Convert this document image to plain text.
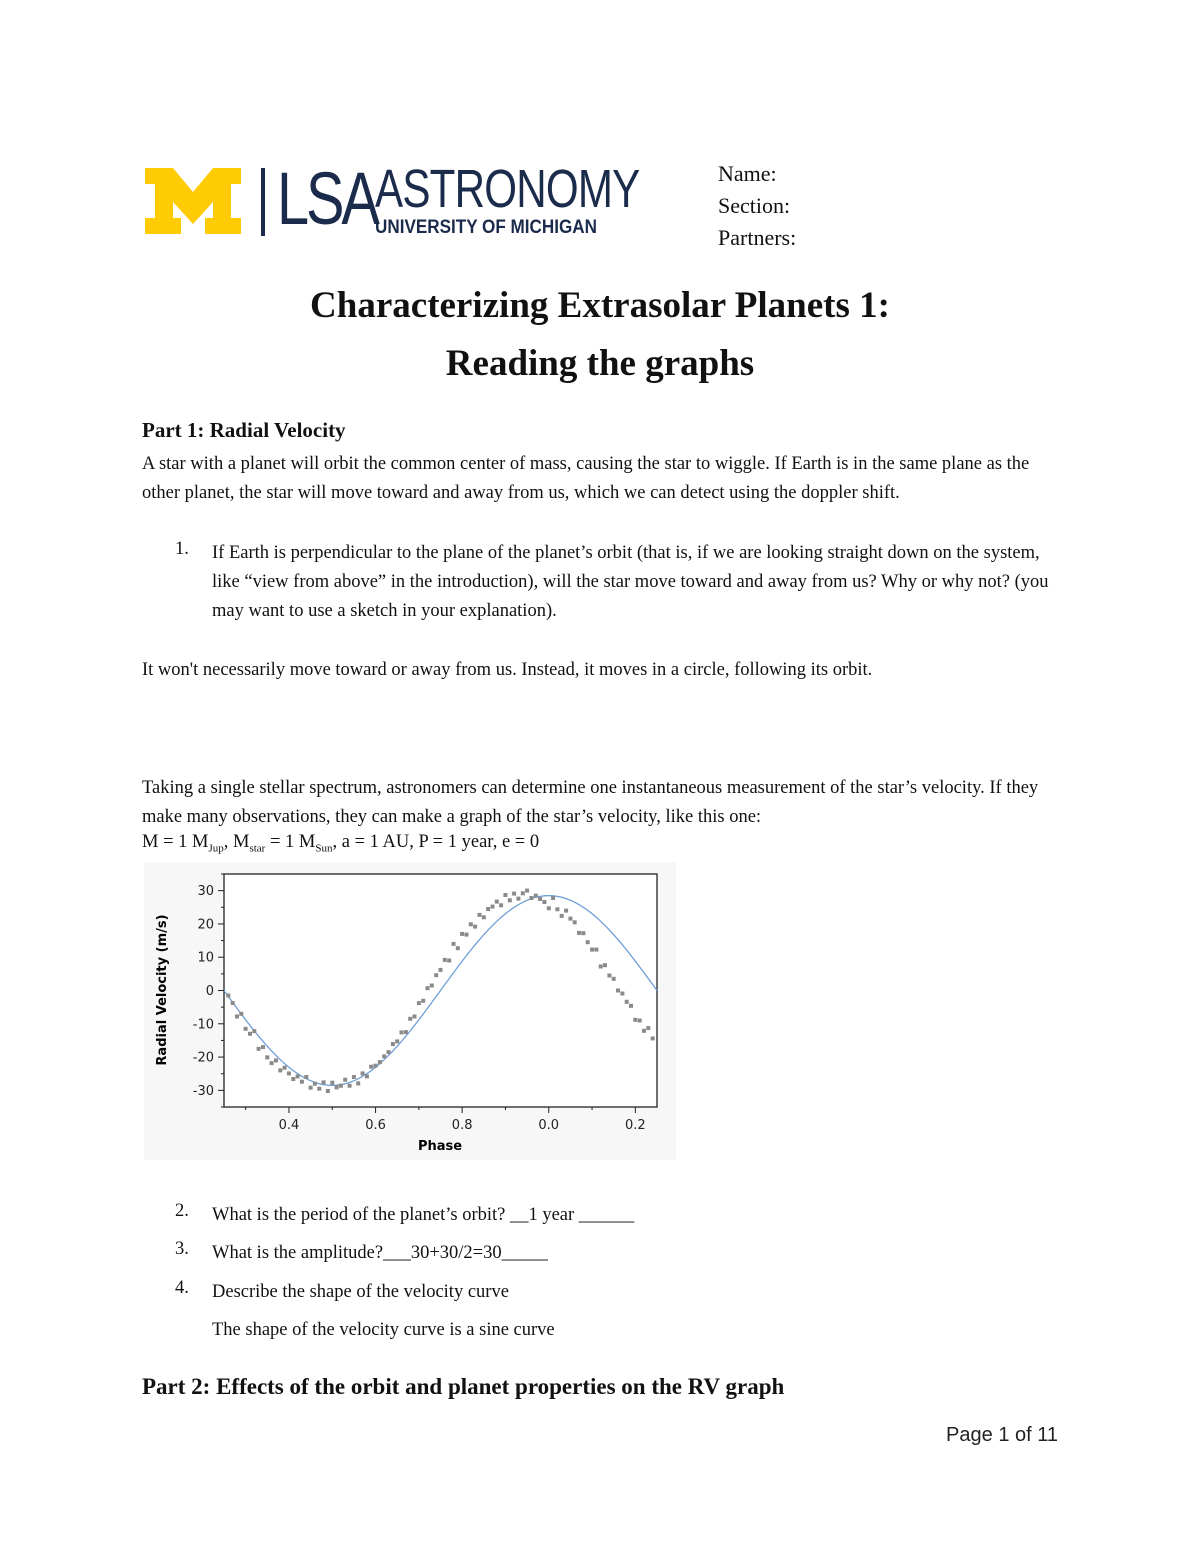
LSA
ASTRONOMY
UNIVERSITY OF MICHIGAN
Name:
Section:
Partners:
Characterizing Extrasolar Planets 1:
Reading the graphs
Part 1: Radial Velocity
A star with a planet will orbit the common center of mass, causing the star to wiggle. If Earth is in the same plane as the other planet, the star will move toward and away from us, which we can detect using the doppler shift.
1. If Earth is perpendicular to the plane of the planet’s orbit (that is, if we are looking straight down on the system, like “view from above” in the introduction), will the star move toward and away from us? Why or why not? (you may want to use a sketch in your explanation).
It won't necessarily move toward or away from us. Instead, it moves in a circle, following its orbit.
Taking a single stellar spectrum, astronomers can determine one instantaneous measurement of the star’s velocity. If they make many observations, they can make a graph of the star’s velocity, like this one:
M = 1 $M_{Jup}$, $M_{star} = 1$ $M_{Sun}$, a = 1 AU, P = 1 year, e = 0
-30
-20
-10
0
10
20
30
0.4	0.6	0.8	0.0	0.2
Radial Velocity (m/s)
Phase
2. What is the period of the planet’s orbit? __1 year ______
3. What is the amplitude?___30+30/2=30_____
4. Describe the shape of the velocity curve
The shape of the velocity curve is a sine curve
Part 2: Effects of the orbit and planet properties on the RV graph
Page 1 of 11
